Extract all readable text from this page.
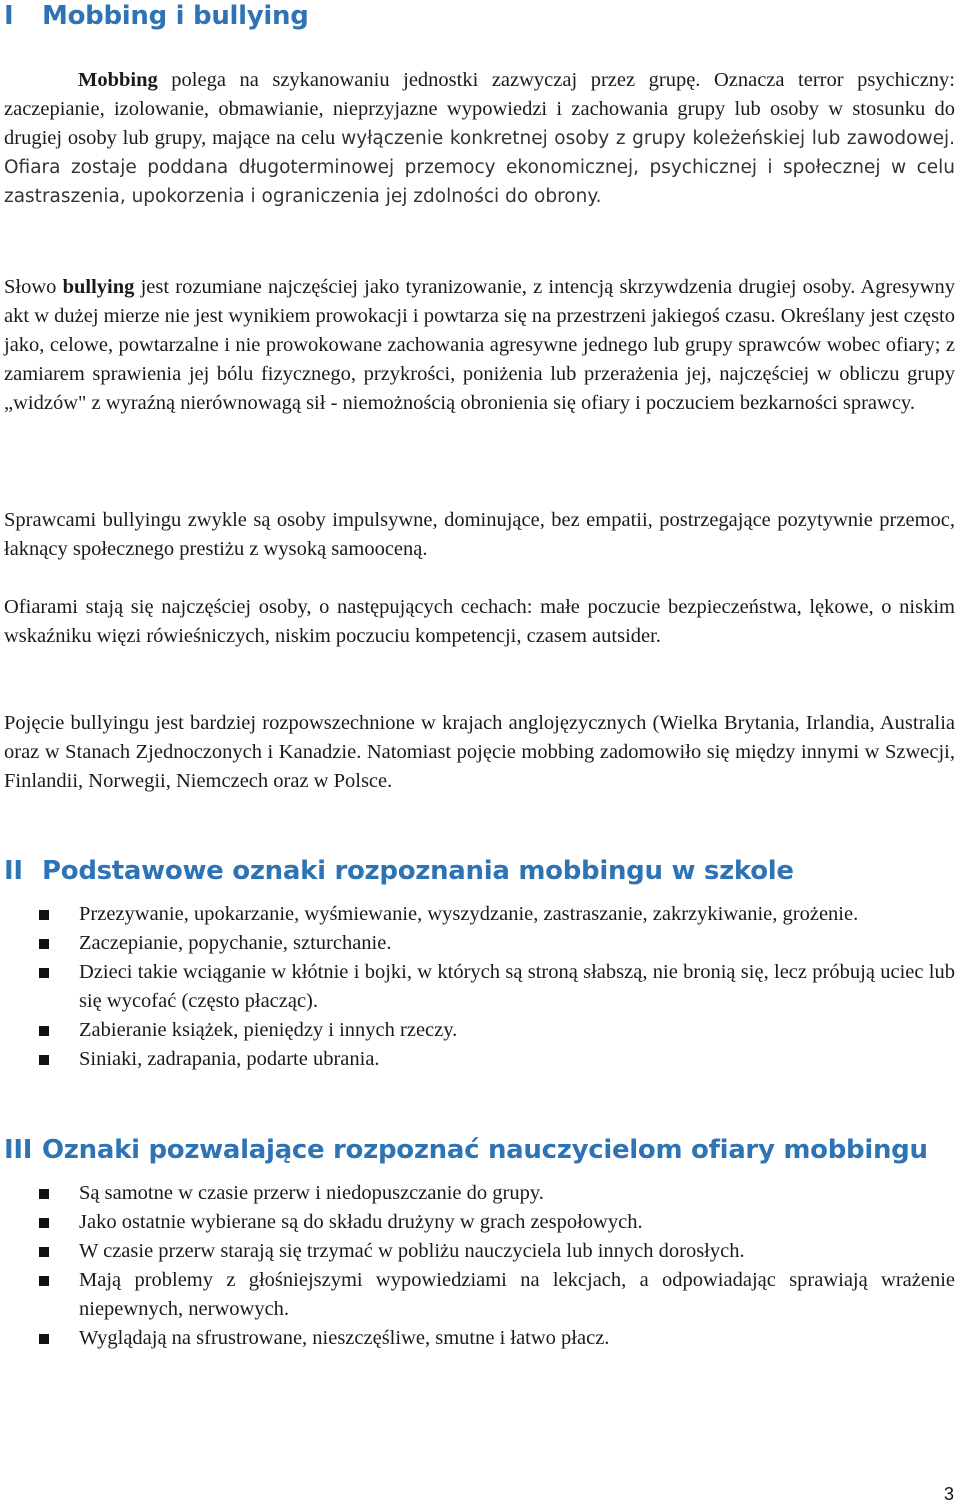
I Mobbing i bullying

Mobbing polega na szykanowaniu jednostki zazwyczaj przez grupę. Oznacza terror psychiczny: zaczepianie, izolowanie, obmawianie, nieprzyjazne wypowiedzi i zachowania grupy lub osoby w stosunku do drugiej osoby lub grupy, mające na celu wyłączenie konkretnej osoby z grupy koleżeńskiej lub zawodowej. Ofiara zostaje poddana długoterminowej przemocy ekonomicznej, psychicznej i społecznej w celu zastraszenia, upokorzenia i ograniczenia jej zdolności do obrony.

Słowo bullying jest rozumiane najczęściej jako tyranizowanie, z intencją skrzywdzenia drugiej osoby. Agresywny akt w dużej mierze nie jest wynikiem prowokacji i powtarza się na przestrzeni jakiegoś czasu. Określany jest często jako, celowe, powtarzalne i nie prowokowane zachowania agresywne jednego lub grupy sprawców wobec ofiary; z zamiarem sprawienia jej bólu fizycznego, przykrości, poniżenia lub przerażenia jej, najczęściej w obliczu grupy „widzów" z wyraźną nierównowagą sił - niemożnością obronienia się ofiary i poczuciem bezkarności sprawcy.

Sprawcami bullyingu zwykle są osoby impulsywne, dominujące, bez empatii, postrzegające pozytywnie przemoc, łaknący społecznego prestiżu z wysoką samooceną.

Ofiarami stają się najczęściej osoby, o następujących cechach: małe poczucie bezpieczeństwa, lękowe, o niskim wskaźniku więzi rówieśniczych, niskim poczuciu kompetencji, czasem autsider.

Pojęcie bullyingu jest bardziej rozpowszechnione w krajach anglojęzycznych (Wielka Brytania, Irlandia, Australia oraz w Stanach Zjednoczonych i Kanadzie. Natomiast pojęcie mobbing zadomowiło się między innymi w Szwecji, Finlandii, Norwegii, Niemczech oraz w Polsce.

II Podstawowe oznaki rozpoznania mobbingu w szkole
Przezywanie, upokarzanie, wyśmiewanie, wyszydzanie, zastraszanie, zakrzykiwanie, grożenie.
Zaczepianie, popychanie, szturchanie.
Dzieci takie wciąganie w kłótnie i bojki, w których są stroną słabszą, nie bronią się, lecz próbują uciec lub się wycofać (często płacząc).
Zabieranie książek, pieniędzy i innych rzeczy.
Siniaki, zadrapania, podarte ubrania.
III Oznaki pozwalające rozpoznać nauczycielom ofiary mobbingu
Są samotne w czasie przerw i niedopuszczanie do grupy.
Jako ostatnie wybierane są do składu drużyny w grach zespołowych.
W czasie przerw starają się trzymać w pobliżu nauczyciela lub innych dorosłych.
Mają problemy z głośniejszymi wypowiedziami na lekcjach, a odpowiadając sprawiają wrażenie niepewnych, nerwowych.
Wyglądają na sfrustrowane, nieszczęśliwe, smutne i łatwo płacz.
3
